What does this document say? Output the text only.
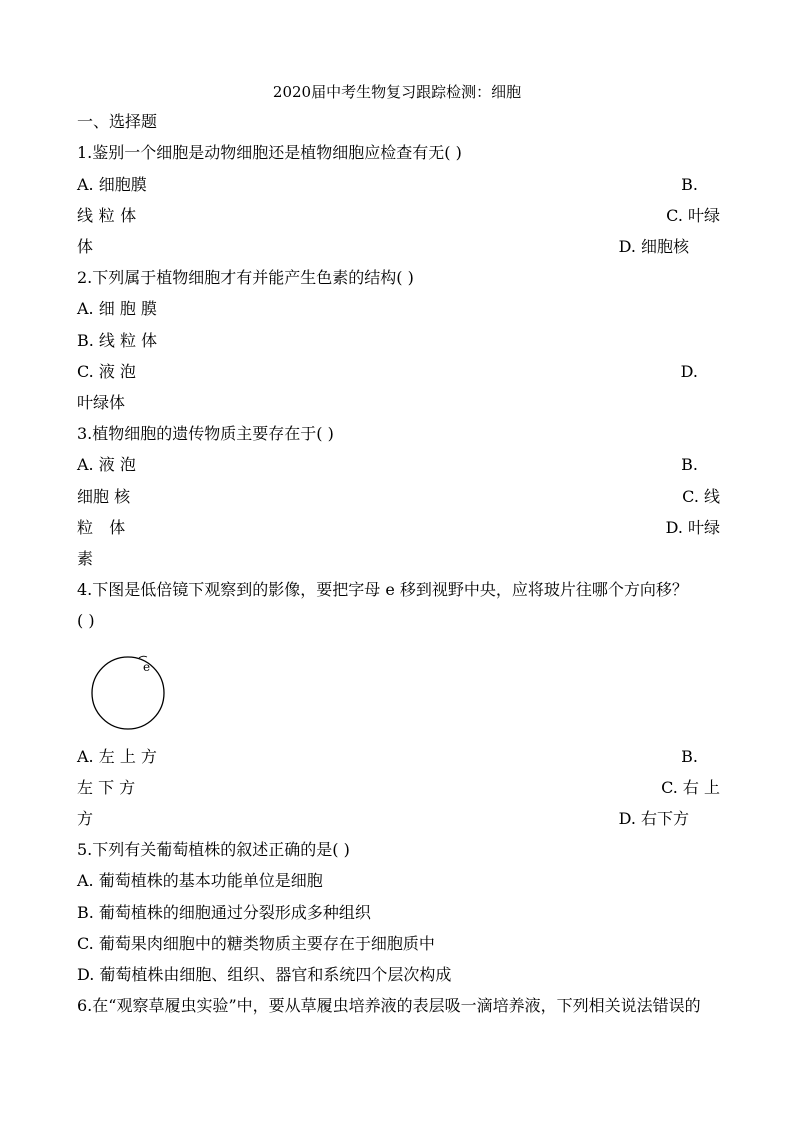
2020届中考生物复习跟踪检测：细胞
一、选择题
1.鉴别一个细胞是动物细胞还是植物细胞应检查有无( )
A. 细胞膜	B.
线粒体	C. 叶绿
体	D. 细胞核
2.下列属于植物细胞才有并能产生色素的结构( )
A. 细 胞 膜
B. 线 粒 体
C. 液 泡	D.
叶绿体
3.植物细胞的遗传物质主要存在于( )
A. 液 泡	B.
细胞 核	C. 线
粒 体	D. 叶绿
素
4.下图是低倍镜下观察到的影像，要把字母 e 移到视野中央，应将玻片往哪个方向移？
( )
e
A. 左 上 方	B.
左 下 方	C. 右 上
方	D. 右下方
5.下列有关葡萄植株的叙述正确的是( )
A. 葡萄植株的基本功能单位是细胞
B. 葡萄植株的细胞通过分裂形成多种组织
C. 葡萄果肉细胞中的糖类物质主要存在于细胞质中
D. 葡萄植株由细胞、组织、器官和系统四个层次构成
6.在“观察草履虫实验”中，要从草履虫培养液的表层吸一滴培养液，下列相关说法错误的
